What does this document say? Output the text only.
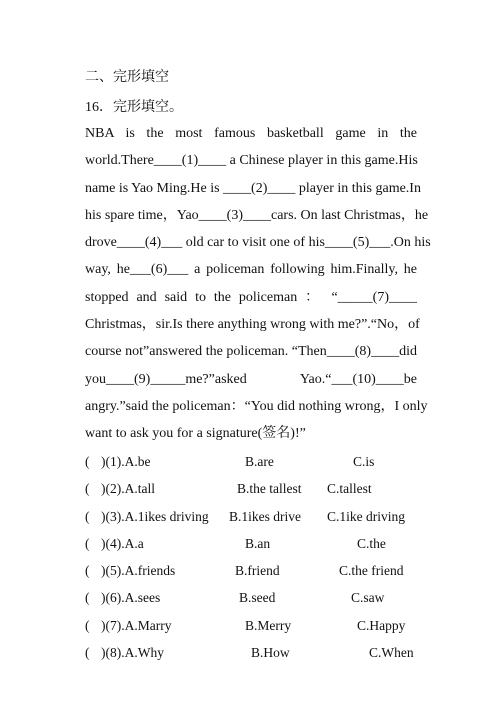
二、完形填空
16．完形填空。
NBA is the most famous basketball game in the
world.There____(1)____ a Chinese player in this game.His
name is Yao Ming.He is ____(2)____ player in this game.In
his spare time，Yao____(3)____cars. On last Christmas，he
drove____(4)___ old car to visit one of his____(5)___.On his
way, he___(6)___ a policeman following him.Finally, he
stopped and said to the policeman ： “_____(7)____
Christmas，sir.Is there anything wrong with me?”.“No，of
course not”answered the policeman. “Then____(8)____did
you____(9)_____me?”asked Yao.“___(10)____be
angry.”said the policeman：“You did nothing wrong，I only
want to ask you for a signature(签名)!”
( )(1).A.be	B.are	C.is
( )(2).A.tall	B.the tallest C.tallest
( )(3).A.1ikes driving B.1ikes drive C.1ike driving
( )(4).A.a	B.an	C.the
( )(5).A.friends	B.friend	C.the friend
( )(6).A.sees	B.seed	C.saw
( )(7).A.Marry	B.Merry	C.Happy
( )(8).A.Why	B.How	C.When
